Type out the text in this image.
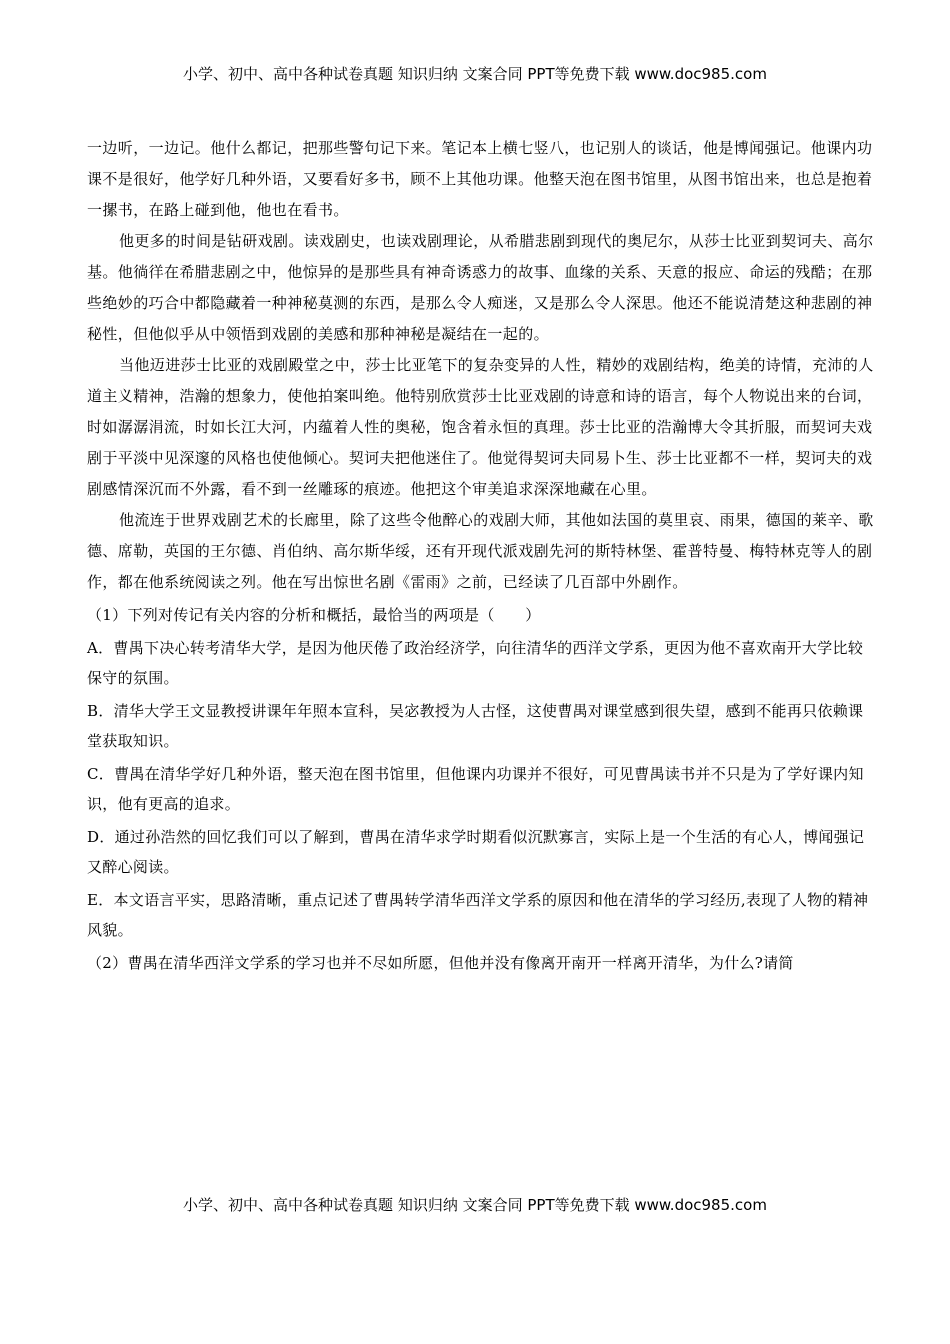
小学、初中、高中各种试卷真题 知识归纳 文案合同 PPT等免费下载 www.doc985.com

一边听，一边记。他什么都记，把那些警句记下来。笔记本上横七竖八，也记别人的谈话，他是博闻强记。他课内功课不是很好，他学好几种外语，又要看好多书，顾不上其他功课。他整天泡在图书馆里，从图书馆出来，也总是抱着一摞书，在路上碰到他，他也在看书。

他更多的时间是钻研戏剧。读戏剧史，也读戏剧理论，从希腊悲剧到现代的奥尼尔，从莎士比亚到契诃夫、高尔基。他徜徉在希腊悲剧之中，他惊异的是那些具有神奇诱惑力的故事、血缘的关系、天意的报应、命运的残酷；在那些绝妙的巧合中都隐藏着一种神秘莫测的东西，是那么令人痴迷，又是那么令人深思。他还不能说清楚这种悲剧的神秘性，但他似乎从中领悟到戏剧的美感和那种神秘是凝结在一起的。

当他迈进莎士比亚的戏剧殿堂之中，莎士比亚笔下的复杂变异的人性，精妙的戏剧结构，绝美的诗情，充沛的人道主义精神，浩瀚的想象力，使他拍案叫绝。他特别欣赏莎士比亚戏剧的诗意和诗的语言，每个人物说出来的台词，时如潺潺涓流，时如长江大河，内蕴着人性的奥秘，饱含着永恒的真理。莎士比亚的浩瀚博大令其折服，而契诃夫戏剧于平淡中见深邃的风格也使他倾心。契诃夫把他迷住了。他觉得契诃夫同易卜生、莎士比亚都不一样，契诃夫的戏剧感情深沉而不外露，看不到一丝雕琢的痕迹。他把这个审美追求深深地藏在心里。

他流连于世界戏剧艺术的长廊里，除了这些令他醉心的戏剧大师，其他如法国的莫里哀、雨果，德国的莱辛、歌德、席勒，英国的王尔德、肖伯纳、高尔斯华绥，还有开现代派戏剧先河的斯特林堡、霍普特曼、梅特林克等人的剧作，都在他系统阅读之列。他在写出惊世名剧《雷雨》之前，已经读了几百部中外剧作。

（1）下列对传记有关内容的分析和概括，最恰当的两项是（　　）

A．曹禺下决心转考清华大学，是因为他厌倦了政治经济学，向往清华的西洋文学系，更因为他不喜欢南开大学比较保守的氛围。

B．清华大学王文显教授讲课年年照本宣科，吴宓教授为人古怪，这使曹禺对课堂感到很失望，感到不能再只依赖课堂获取知识。

C．曹禺在清华学好几种外语，整天泡在图书馆里，但他课内功课并不很好，可见曹禺读书并不只是为了学好课内知识，他有更高的追求。

D．通过孙浩然的回忆我们可以了解到，曹禺在清华求学时期看似沉默寡言，实际上是一个生活的有心人，博闻强记又醉心阅读。

E．本文语言平实，思路清晰，重点记述了曹禺转学清华西洋文学系的原因和他在清华的学习经历,表现了人物的精神风貌。

（2）曹禺在清华西洋文学系的学习也并不尽如所愿，但他并没有像离开南开一样离开清华，为什么?请简

小学、初中、高中各种试卷真题 知识归纳 文案合同 PPT等免费下载 www.doc985.com
